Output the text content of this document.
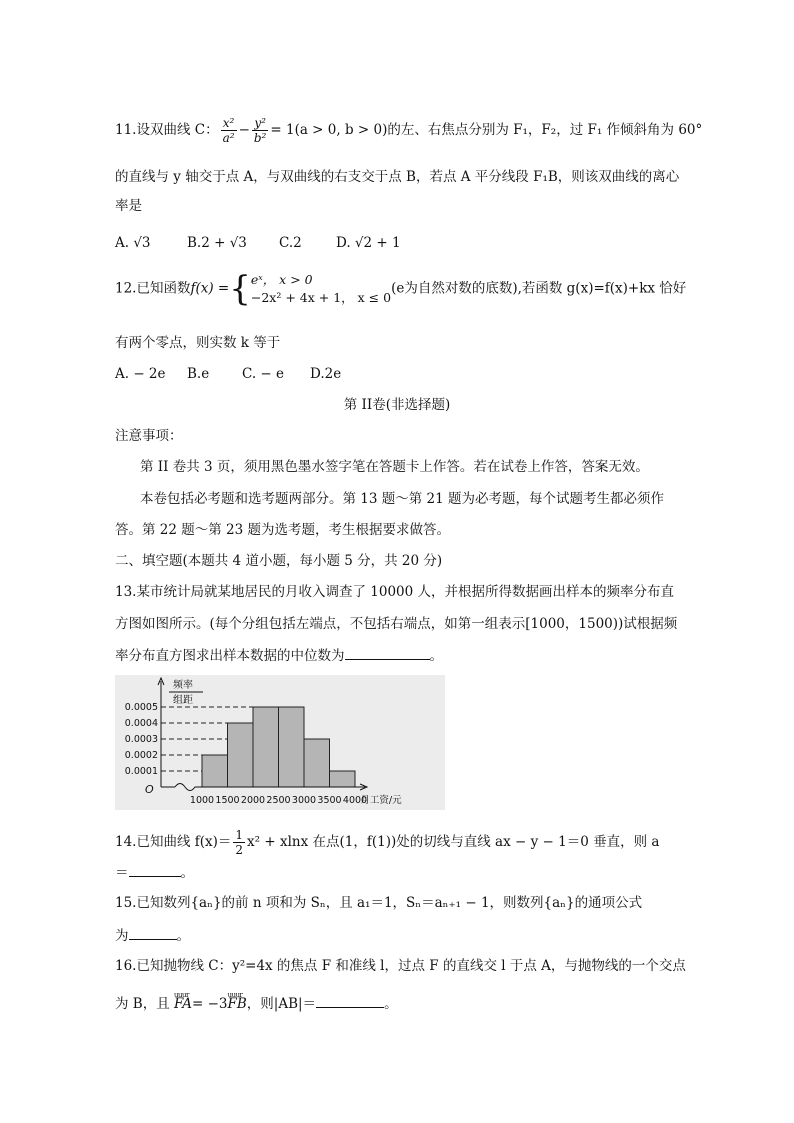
11.设双曲线 C： $\frac{\text{x²}}{\text{a²}} - \frac{\text{y²}}{\text{b²}} = 1(a > 0$, b > 0)的左、右焦点分别为 F₁，F₂，过 F₁ 作倾斜角为 60°
的直线与 y 轴交于点 A，与双曲线的右支交于点 B，若点 A 平分线段 F₁B，则该双曲线的离心
率是
A. √3	B.2 + √3 C.2	D. √2 + 1
12.已知函数f(x) ={ eˣ， x > 0
−2x² + 4x + 1， x ≤ 0
(e为自然对数的底数),若函数 g(x)=f(x)+kx 恰好
有两个零点，则实数 k 等于
A. − 2e B.e C. − e D.2e
第 II卷(非选择题)
注意事项：
第 II 卷共 3 页，须用黑色墨水签字笔在答题卡上作答。若在试卷上作答，答案无效。
本卷包括必考题和选考题两部分。第 13 题～第 21 题为必考题，每个试题考生都必须作
答。第 22 题～第 23 题为选考题，考生根据要求做答。
二、填空题(本题共 4 道小题，每小题 5 分，共 20 分)
13.某市统计局就某地居民的月收入调查了 10000 人，并根据所得数据画出样本的频率分布直
方图如图所示。(每个分组包括左端点，不包括右端点，如第一组表示[1000，1500))试根据频
率分布直方图求出样本数据的中位数为	。
0.0001
0.0002
0.0003
0.0004
0.0005
O
1000 1500 2000 2500 3000 3500 4000
月工资/元
频率
组距
14.已知曲线 $f(x)= \frac{1}{2} x^2 + xlnx$ 在点(1，f(1))处的切线与直线 ax − y − 1＝0 垂直，则 a
＝	。
15.已知数列{aₙ}的前 n 项和为 Sₙ，且 a₁＝1，Sₙ＝aₙ₊₁ − 1，则数列{aₙ}的通项公式
为	。
16.已知抛物线 C：y²=4x 的焦点 F 和准线 l，过点 F 的直线交 l 于点 A，与抛物线的一个交点
为 B，且 uuur FA= −3uuur FB，则|AB|＝	。
